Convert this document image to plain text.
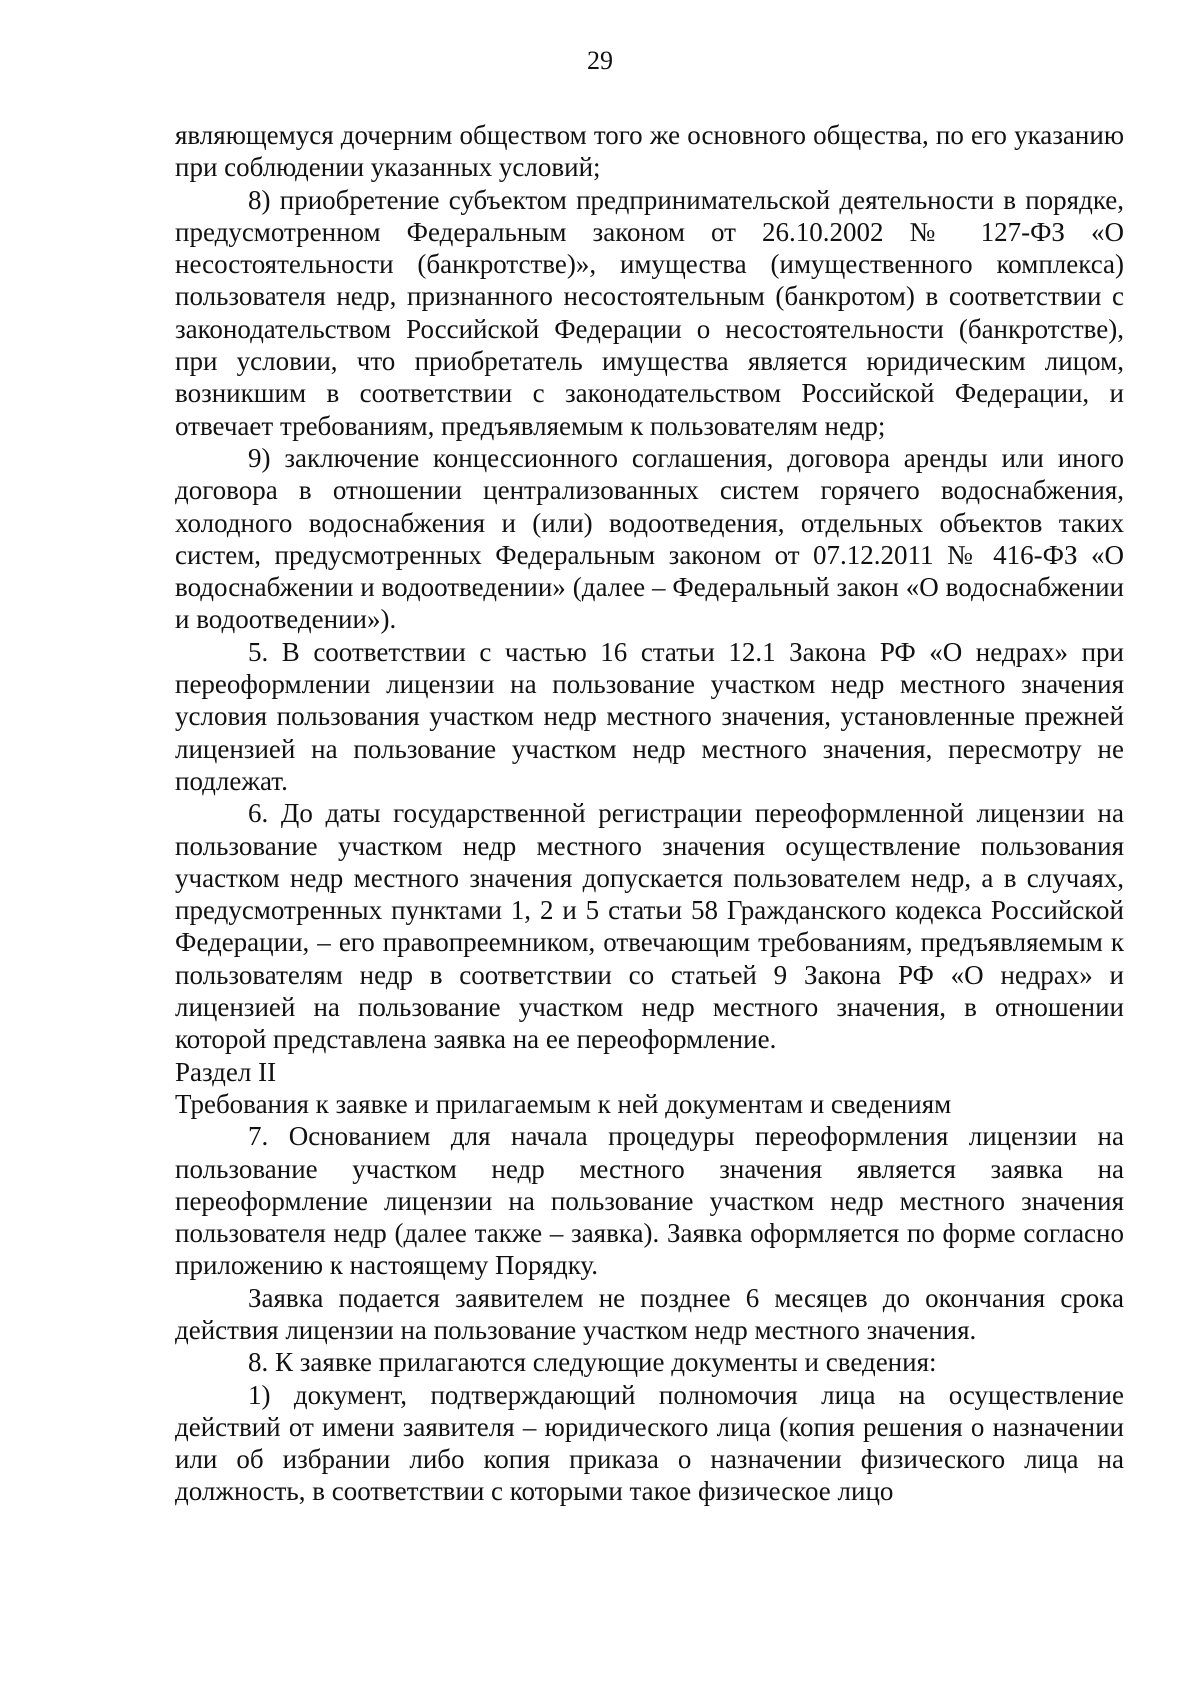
29

являющемуся дочерним обществом того же основного общества, по его указанию при соблюдении указанных условий;

8) приобретение субъектом предпринимательской деятельности в порядке, предусмотренном Федеральным законом от 26.10.2002 № 127-ФЗ «О несостоятельности (банкротстве)», имущества (имущественного комплекса) пользователя недр, признанного несостоятельным (банкротом) в соответствии с законодательством Российской Федерации о несостоятельности (банкротстве), при условии, что приобретатель имущества является юридическим лицом, возникшим в соответствии с законодательством Российской Федерации, и отвечает требованиям, предъявляемым к пользователям недр;

9) заключение концессионного соглашения, договора аренды или иного договора в отношении централизованных систем горячего водоснабжения, холодного водоснабжения и (или) водоотведения, отдельных объектов таких систем, предусмотренных Федеральным законом от 07.12.2011 № 416-ФЗ «О водоснабжении и водоотведении» (далее – Федеральный закон «О водоснабжении и водоотведении»).

5. В соответствии с частью 16 статьи 12.1 Закона РФ «О недрах» при переоформлении лицензии на пользование участком недр местного значения условия пользования участком недр местного значения, установленные прежней лицензией на пользование участком недр местного значения, пересмотру не подлежат.

6. До даты государственной регистрации переоформленной лицензии на пользование участком недр местного значения осуществление пользования участком недр местного значения допускается пользователем недр, а в случаях, предусмотренных пунктами 1, 2 и 5 статьи 58 Гражданского кодекса Российской Федерации, – его правопреемником, отвечающим требованиям, предъявляемым к пользователям недр в соответствии со статьей 9 Закона РФ «О недрах» и лицензией на пользование участком недр местного значения, в отношении которой представлена заявка на ее переоформление.

Раздел II

Требования к заявке и прилагаемым к ней документам и сведениям

7. Основанием для начала процедуры переоформления лицензии на пользование участком недр местного значения является заявка на переоформление лицензии на пользование участком недр местного значения пользователя недр (далее также – заявка). Заявка оформляется по форме согласно приложению к настоящему Порядку.

Заявка подается заявителем не позднее 6 месяцев до окончания срока действия лицензии на пользование участком недр местного значения.

8. К заявке прилагаются следующие документы и сведения:

1) документ, подтверждающий полномочия лица на осуществление действий от имени заявителя – юридического лица (копия решения о назначении или об избрании либо копия приказа о назначении физического лица на должность, в соответствии с которыми такое физическое лицо
